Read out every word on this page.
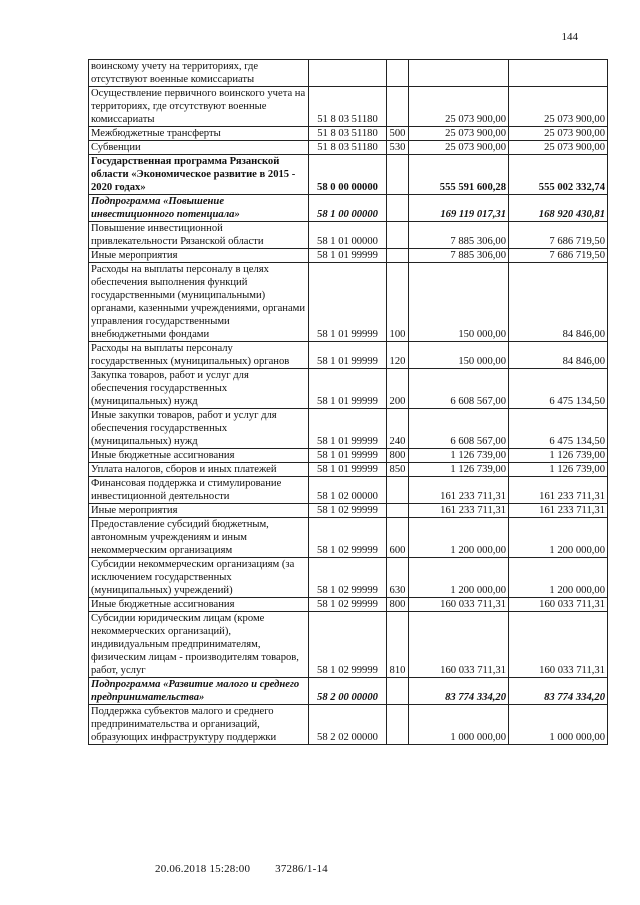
144
воинскому учету на территориях, где отсутствуют военные комиссариаты				
Осуществление первичного воинского учета на территориях, где отсутствуют военные комиссариаты	51 8 03 51180		25 073 900,00	25 073 900,00
Межбюджетные трансферты	51 8 03 51180	500	25 073 900,00	25 073 900,00
Субвенции	51 8 03 51180	530	25 073 900,00	25 073 900,00
Государственная программа Рязанской области «Экономическое развитие в 2015 - 2020 годах»	58 0 00 00000		555 591 600,28	555 002 332,74
Подпрограмма «Повышение инвестиционного потенциала»	58 1 00 00000		169 119 017,31	168 920 430,81
Повышение инвестиционной привлекательности Рязанской области	58 1 01 00000		7 885 306,00	7 686 719,50
Иные мероприятия	58 1 01 99999		7 885 306,00	7 686 719,50
Расходы на выплаты персоналу в целях обеспечения выполнения функций государственными (муниципальными) органами, казенными учреждениями, органами управления государственными внебюджетными фондами	58 1 01 99999	100	150 000,00	84 846,00
Расходы на выплаты персоналу государственных (муниципальных) органов	58 1 01 99999	120	150 000,00	84 846,00
Закупка товаров, работ и услуг для обеспечения государственных (муниципальных) нужд	58 1 01 99999	200	6 608 567,00	6 475 134,50
Иные закупки товаров, работ и услуг для обеспечения государственных (муниципальных) нужд	58 1 01 99999	240	6 608 567,00	6 475 134,50
Иные бюджетные ассигнования	58 1 01 99999	800	1 126 739,00	1 126 739,00
Уплата налогов, сборов и иных платежей	58 1 01 99999	850	1 126 739,00	1 126 739,00
Финансовая поддержка и стимулирование инвестиционной деятельности	58 1 02 00000		161 233 711,31	161 233 711,31
Иные мероприятия	58 1 02 99999		161 233 711,31	161 233 711,31
Предоставление субсидий бюджетным, автономным учреждениям и иным некоммерческим организациям	58 1 02 99999	600	1 200 000,00	1 200 000,00
Субсидии некоммерческим организациям (за исключением государственных (муниципальных) учреждений)	58 1 02 99999	630	1 200 000,00	1 200 000,00
Иные бюджетные ассигнования	58 1 02 99999	800	160 033 711,31	160 033 711,31
Субсидии юридическим лицам (кроме некоммерческих организаций), индивидуальным предпринимателям, физическим лицам - производителям товаров, работ, услуг	58 1 02 99999	810	160 033 711,31	160 033 711,31
Подпрограмма «Развитие малого и среднего предпринимательства»	58 2 00 00000		83 774 334,20	83 774 334,20
Поддержка субъектов малого и среднего предпринимательства и организаций, образующих инфраструктуру поддержки	58 2 02 00000		1 000 000,00	1 000 000,00
20.06.2018 15:28:00 37286/1-14
